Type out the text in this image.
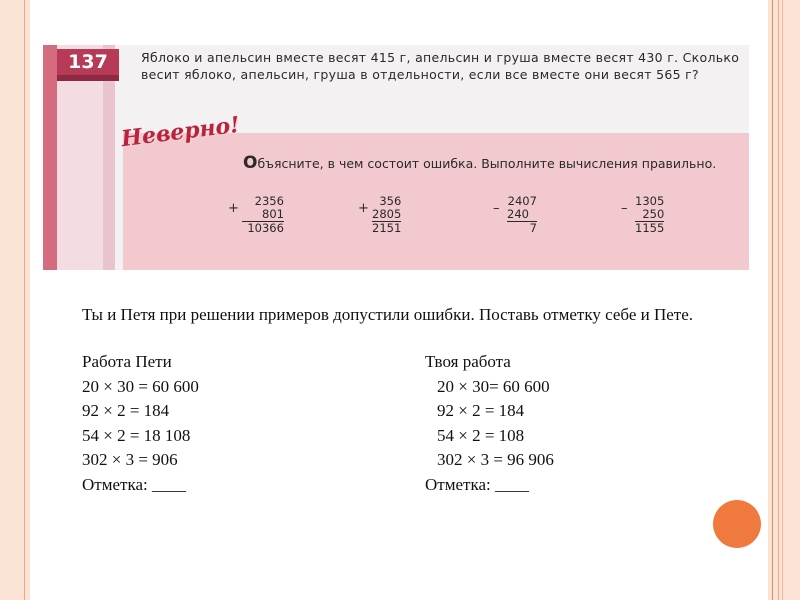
137	Яблоко и апельсин вместе весят 415 г, апельсин и груша вместе весят 430 г. Сколько весит яблоко, апельсин, груша в отдельности, если все вместе они весят 565 г?
Неверно!
Объясните, в чем состоит ошибка. Выполните вычисления правильно.
+	2356
801
10366
+ 356
2805
2151
– 2407
240
7
– 1305
250
1155
Ты и Петя при решении примеров допустили ошибки. Поставь отметку себе и Пете.
Работа Пети
20 × 30 = 60 600
92 × 2 = 184
54 × 2 = 18 108
302 × 3 = 906
Отметка: ____
Твоя работа
20 × 30= 60 600
92 × 2 = 184
54 × 2 = 108
302 × 3 = 96 906
Отметка: ____
